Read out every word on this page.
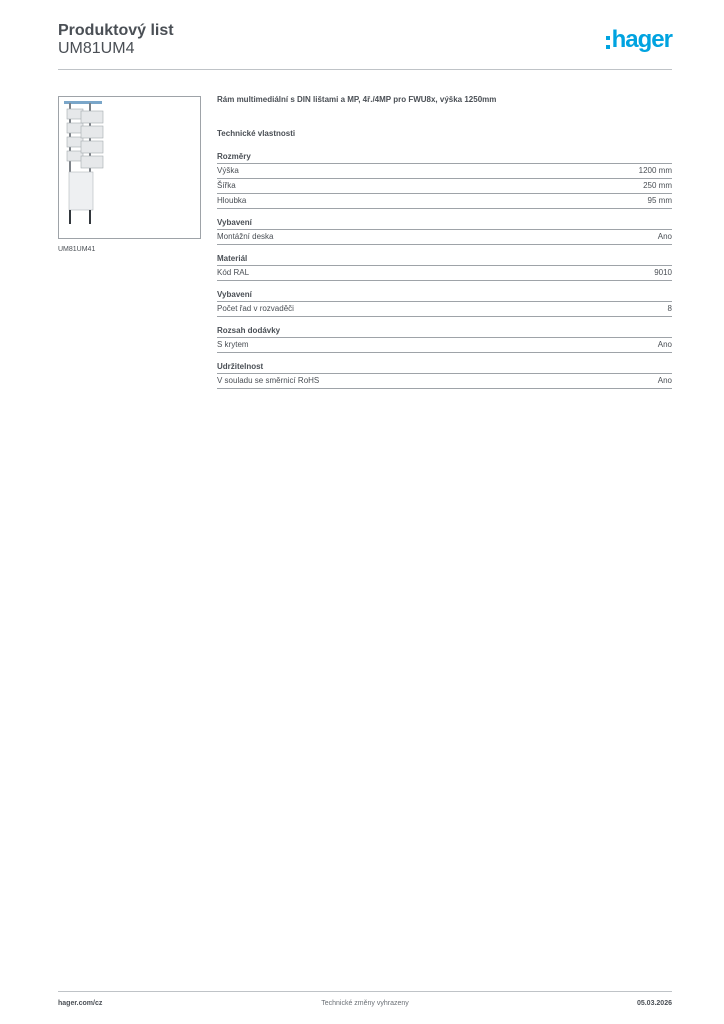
Produktový list
UM81UM4	hager
UM81UM41
Rám multimediální s DIN lištami a MP, 4ř./4MP pro FWU8x, výška 1250mm
Technické vlastnosti
Rozměry
Výška	1200 mm
Šířka	250 mm
Hloubka	95 mm
Vybavení
Montážní deska	Ano
Materiál
Kód RAL	9010
Vybavení
Počet řad v rozvaděči	8
Rozsah dodávky
S krytem	Ano
Udržitelnost
V souladu se směrnicí RoHS	Ano
hager.com/cz	Technické změny vyhrazeny	05.03.2026
